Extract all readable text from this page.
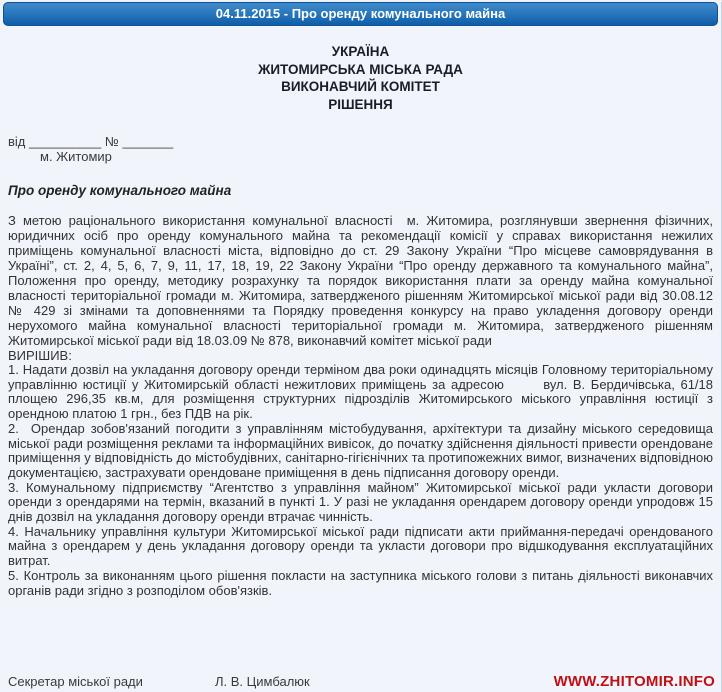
04.11.2015 - Про оренду комунального майна
УКРАЇНА
ЖИТОМИРСЬКА МІСЬКА РАДА
ВИКОНАВЧИЙ КОМІТЕТ
РІШЕННЯ
від __________ № _______
м. Житомир
Про оренду комунального майна

З метою раціонального використання комунальної власності  м. Житомира, розглянувши звернення фізичних, юридичних осіб про оренду комунального майна та рекомендації комісії у справах використання нежилих приміщень комунальної власності міста, відповідно до ст. 29 Закону України “Про місцеве самоврядування в Україні”, ст. 2, 4, 5, 6, 7, 9, 11, 17, 18, 19, 22 Закону України “Про оренду державного та комунального майна”, Положення про оренду, методику розрахунку та порядок використання плати за оренду майна комунальної власності територіальної громади м. Житомира, затвердженого рішенням Житомирської міської ради від 30.08.12 № 429 зі змінами та доповненнями та Порядку проведення конкурсу на право укладення договору оренди нерухомого майна комунальної власності територіальної громади м. Житомира, затвердженого рішенням Житомирської міської ради від 18.03.09 № 878, виконавчий комітет міської ради

ВИРІШИВ:

1. Надати дозвіл на укладання договору оренди терміном два роки одинадцять місяців Головному територіальному управлінню юстиції у Житомирській області нежитлових приміщень за адресою       вул. В. Бердичівська, 61/18 площею 296,35 кв.м, для розміщення структурних підрозділів Житомирського міського управління юстиції з орендною платою 1 грн., без ПДВ на рік.

2.  Орендар зобов'язаний погодити з управлінням містобудування, архітектури та дизайну міського середовища міської ради розміщення реклами та інформаційних вивісок, до початку здійснення діяльності привести орендоване приміщення у відповідність до містобудівних, санітарно-гігієнічних та протипожежних вимог, визначених відповідною документацією, застрахувати орендоване приміщення в день підписання договору оренди.

3. Комунальному підприємству “Агентство з управління майном” Житомирської міської ради укласти договори оренди з орендарями на термін, вказаний в пункті 1. У разі не укладання орендарем договору оренди упродовж 15 днів дозвіл на укладання договору оренди втрачає чинність.

4. Начальнику управління культури Житомирської міської ради підписати акти приймання-передачі орендованого майна з орендарем у день укладання договору оренди та укласти договори про відшкодування експлуатаційних витрат.

5. Контроль за виконанням цього рішення покласти на заступника міського голови з питань діяльності виконавчих органів ради згідно з розподілом обов'язків.

Секретар міської ради	Л. В. Цимбалюк	WWW.ZHITOMIR.INFO
